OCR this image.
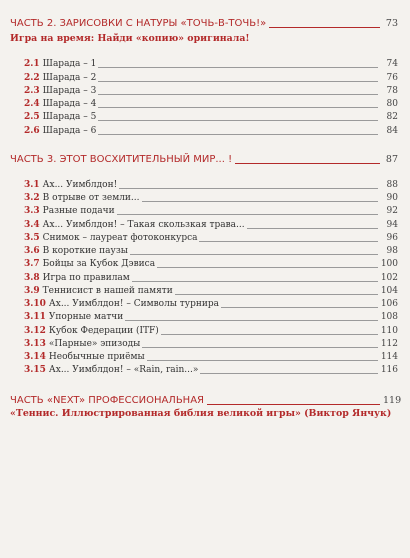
ЧАСТЬ 2. ЗАРИСОВКИ С НАТУРЫ «ТОЧЬ-В-ТОЧЬ!»	73
Игра на время: Найди «копию» оригинала!
2.1 Шарада – 1	74
2.2 Шарада – 2	76
2.3 Шарада – 3	78
2.4 Шарада – 4	80
2.5 Шарада – 5	82
2.6 Шарада – 6	84
ЧАСТЬ 3. ЭТОТ ВОСХИТИТЕЛЬНЫЙ МИР... !	87
3.1 Ах... Уимблдон!	88
3.2 В отрыве от земли...	90
3.3 Разные подачи	92
3.4 Ах... Уимблдон! – Такая скользкая трава...	94
3.5 Снимок – лауреат фотоконкурса	96
3.6 В короткие паузы	98
3.7 Бойцы за Кубок Дэвиса	100
3.8 Игра по правилам	102
3.9 Теннисист в нашей памяти	104
3.10 Ах... Уимблдон! – Символы турнира	106
3.11 Упорные матчи	108
3.12 Кубок Федерации (ITF)	110
3.13 «Парные» эпизоды	112
3.14 Необычные приёмы	114
3.15 Ах... Уимблдон! – «Rain, rain...»	116
ЧАСТЬ «NEXT» ПРОФЕССИОНАЛЬНАЯ	119
«Теннис. Иллюстрированная библия великой игры» (Виктор Янчук)
